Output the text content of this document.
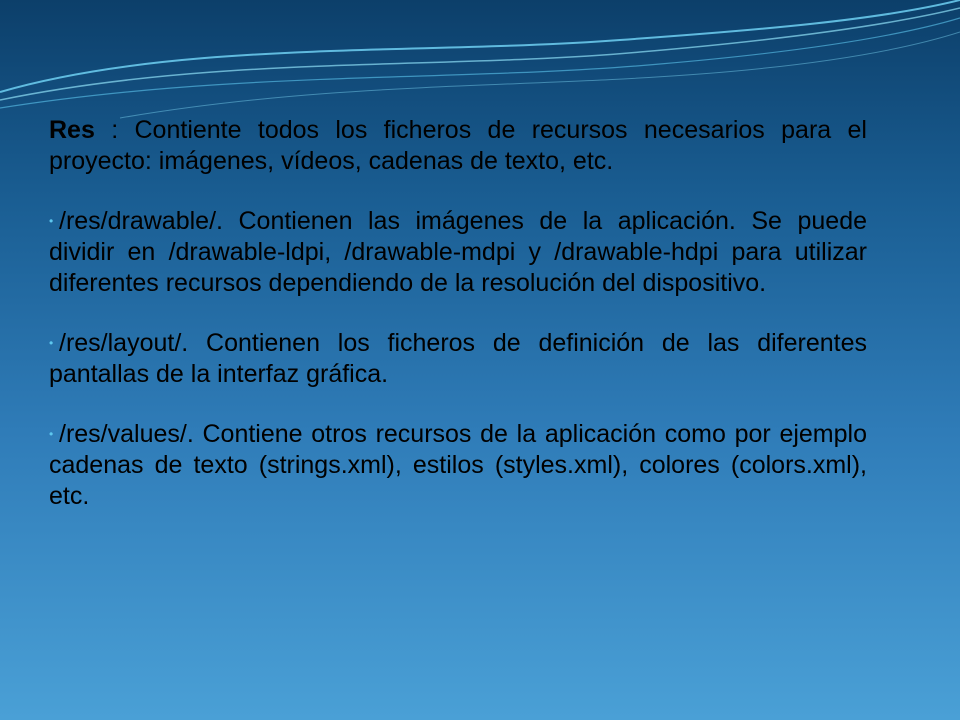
Res : Contiente todos los ficheros de recursos necesarios para el proyecto: imágenes, vídeos, cadenas de texto, etc.

• /res/drawable/. Contienen las imágenes de la aplicación. Se puede dividir en /drawable-ldpi, /drawable-mdpi y /drawable-hdpi para utilizar diferentes recursos dependiendo de la resolución del dispositivo.

• /res/layout/. Contienen los ficheros de definición de las diferentes pantallas de la interfaz gráfica.

• /res/values/. Contiene otros recursos de la aplicación como por ejemplo cadenas de texto (strings.xml), estilos (styles.xml), colores (colors.xml), etc.
